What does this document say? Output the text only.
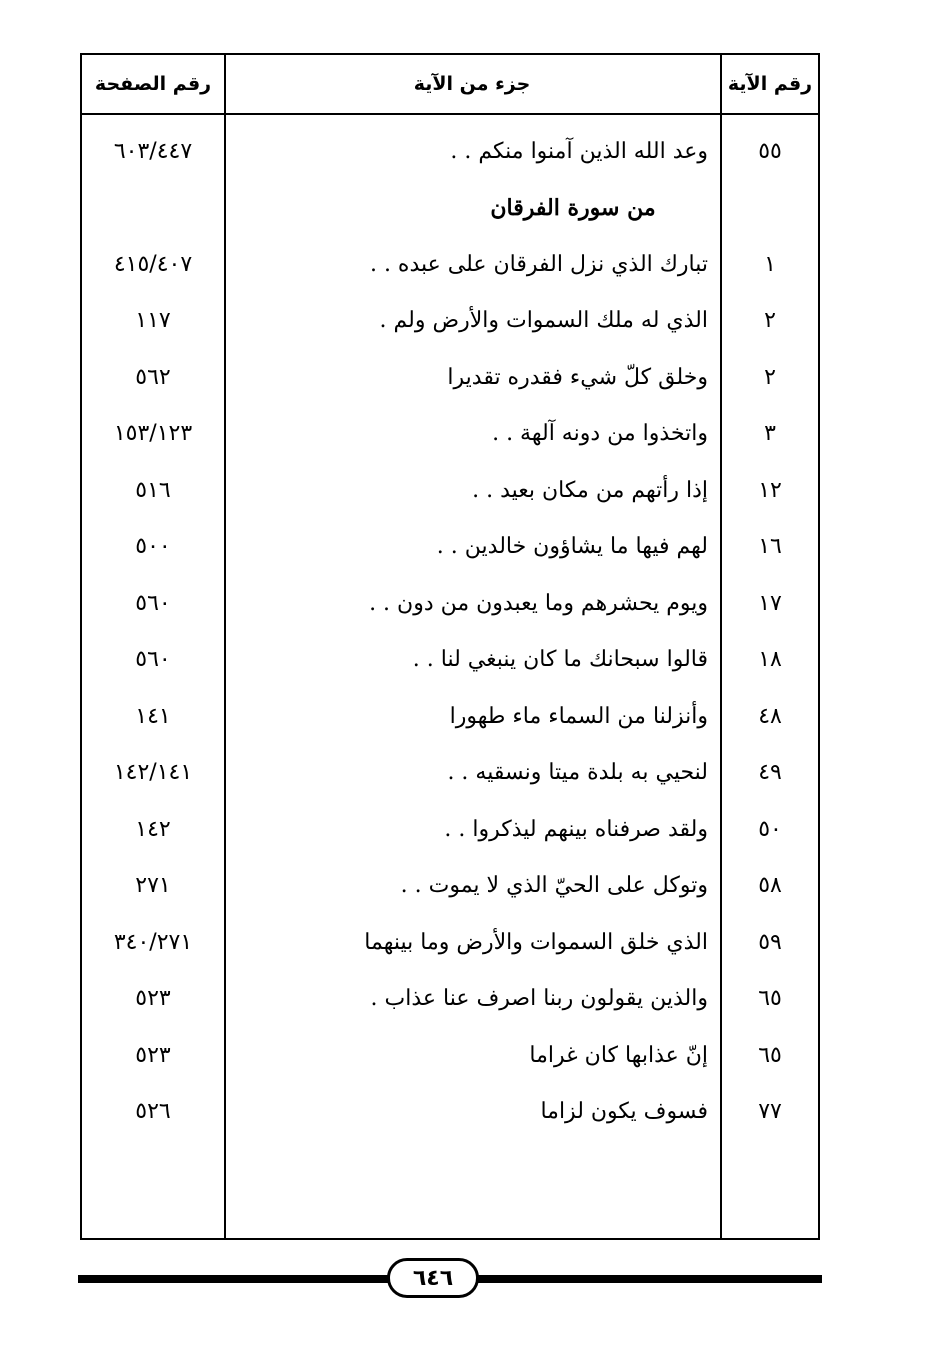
رقم الآية
جزء من الآية
رقم الصفحة
٥٥
وعد الله الذين آمنوا منكم . .
٦٠٣/٤٤٧
من سورة الفرقان
١
تبارك الذي نزل الفرقان على عبده . .
٤١٥/٤٠٧
٢
الذي له ملك السموات والأرض ولم .
١١٧
٢
وخلق كلّ شيء فقدره تقديرا
٥٦٢
٣
واتخذوا من دونه آلهة . .
١٥٣/١٢٣
١٢
إذا رأتهم من مكان بعيد . .
٥١٦
١٦
لهم فيها ما يشاؤون خالدين . .
٥٠٠
١٧
ويوم يحشرهم وما يعبدون من دون . .
٥٦٠
١٨
قالوا سبحانك ما كان ينبغي لنا . .
٥٦٠
٤٨
وأنزلنا من السماء ماء طهورا
١٤١
٤٩
لنحيي به بلدة ميتا ونسقيه . .
١٤٢/١٤١
٥٠
ولقد صرفناه بينهم ليذكروا . .
١٤٢
٥٨
وتوكل على الحيّ الذي لا يموت . .
٢٧١
٥٩
الذي خلق السموات والأرض وما بينهما
٣٤٠/٢٧١
٦٥
والذين يقولون ربنا اصرف عنا عذاب .
٥٢٣
٦٥
إنّ عذابها كان غراما
٥٢٣
٧٧
فسوف يكون لزاما
٥٢٦
٦٤٦
